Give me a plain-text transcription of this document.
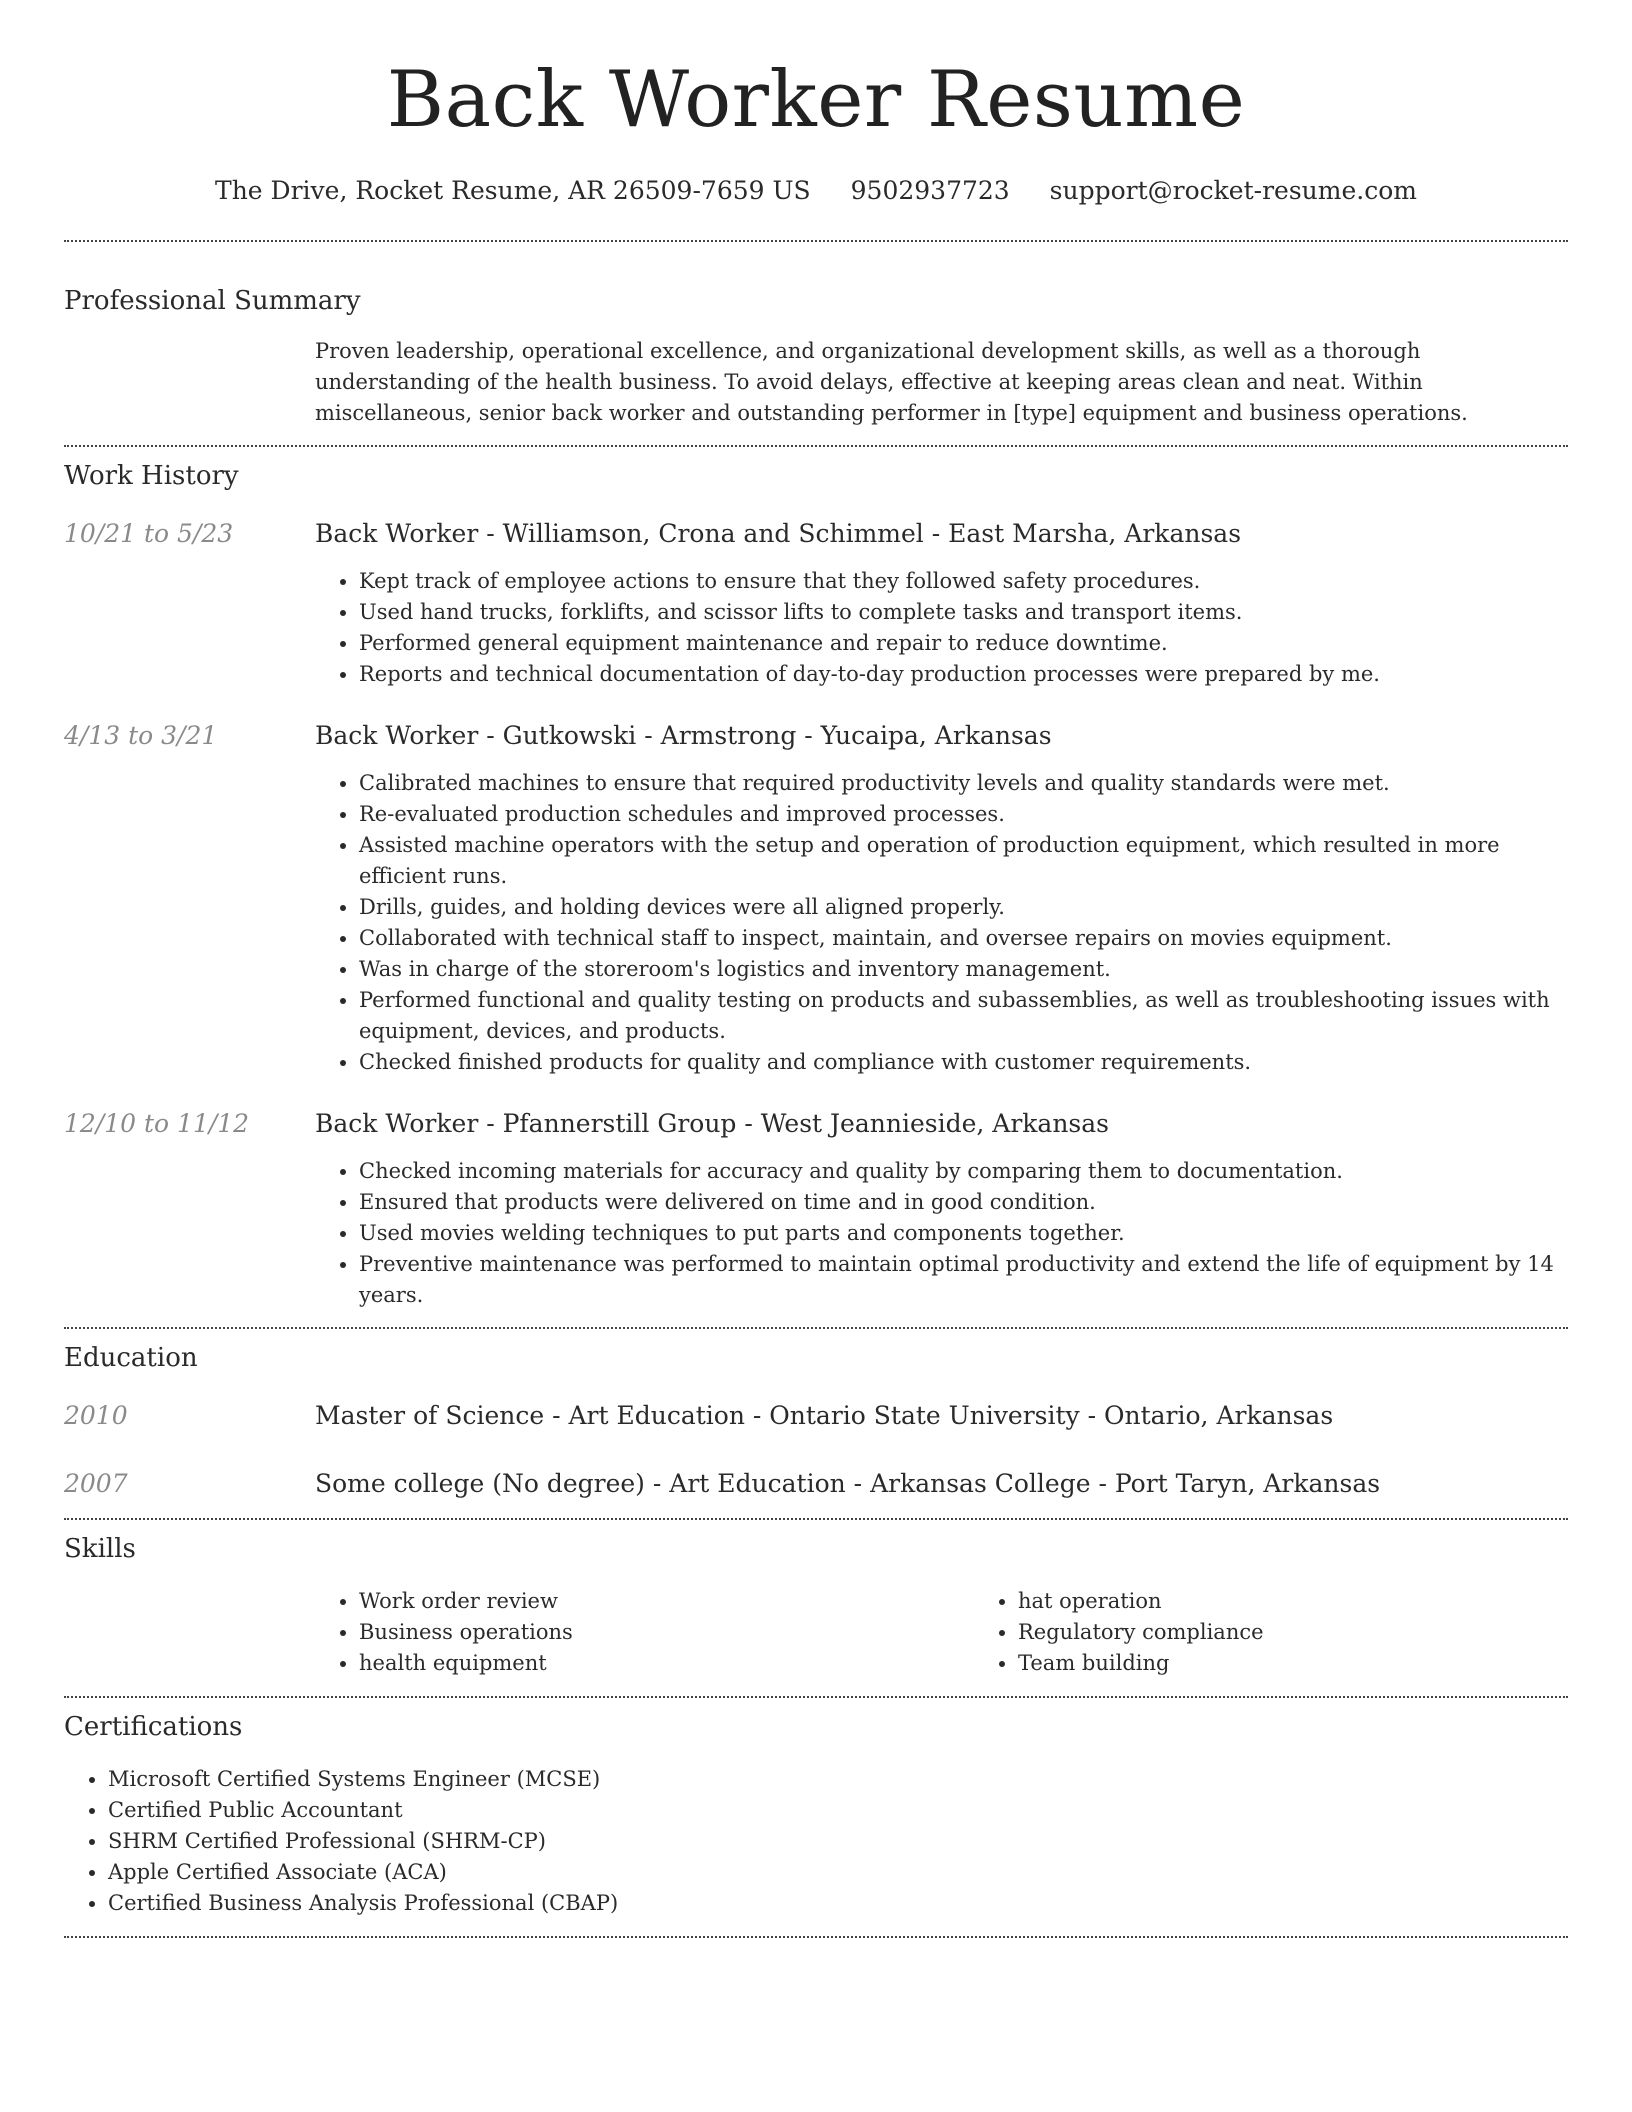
Back Worker Resume
The Drive, Rocket Resume, AR 26509-7659 US 9502937723 support@rocket-resume.com
Professional Summary

Proven leadership, operational excellence, and organizational development skills, as well as a thorough understanding of the health business. To avoid delays, effective at keeping areas clean and neat. Within miscellaneous, senior back worker and outstanding performer in [type] equipment and business operations.

Work History
10/21 to 5/23	Back Worker - Williamson, Crona and Schimmel - East Marsha, Arkansas
• Kept track of employee actions to ensure that they followed safety procedures.
• Used hand trucks, forklifts, and scissor lifts to complete tasks and transport items.
• Performed general equipment maintenance and repair to reduce downtime.
• Reports and technical documentation of day-to-day production processes were prepared by me.
4/13 to 3/21	Back Worker - Gutkowski - Armstrong - Yucaipa, Arkansas
• Calibrated machines to ensure that required productivity levels and quality standards were met.
• Re-evaluated production schedules and improved processes.
• Assisted machine operators with the setup and operation of production equipment, which resulted in more efficient runs.
• Drills, guides, and holding devices were all aligned properly.
• Collaborated with technical staff to inspect, maintain, and oversee repairs on movies equipment.
• Was in charge of the storeroom's logistics and inventory management.
• Performed functional and quality testing on products and subassemblies, as well as troubleshooting issues with equipment, devices, and products.
• Checked finished products for quality and compliance with customer requirements.
12/10 to 11/12	Back Worker - Pfannerstill Group - West Jeannieside, Arkansas
• Checked incoming materials for accuracy and quality by comparing them to documentation.
• Ensured that products were delivered on time and in good condition.
• Used movies welding techniques to put parts and components together.
• Preventive maintenance was performed to maintain optimal productivity and extend the life of equipment by 14 years.
Education
2010	Master of Science - Art Education - Ontario State University - Ontario, Arkansas
2007	Some college (No degree) - Art Education - Arkansas College - Port Taryn, Arkansas
Skills
• Work order review
• Business operations
• health equipment
• hat operation
• Regulatory compliance
• Team building
Certifications
• Microsoft Certified Systems Engineer (MCSE)
• Certified Public Accountant
• SHRM Certified Professional (SHRM-CP)
• Apple Certified Associate (ACA)
• Certified Business Analysis Professional (CBAP)
